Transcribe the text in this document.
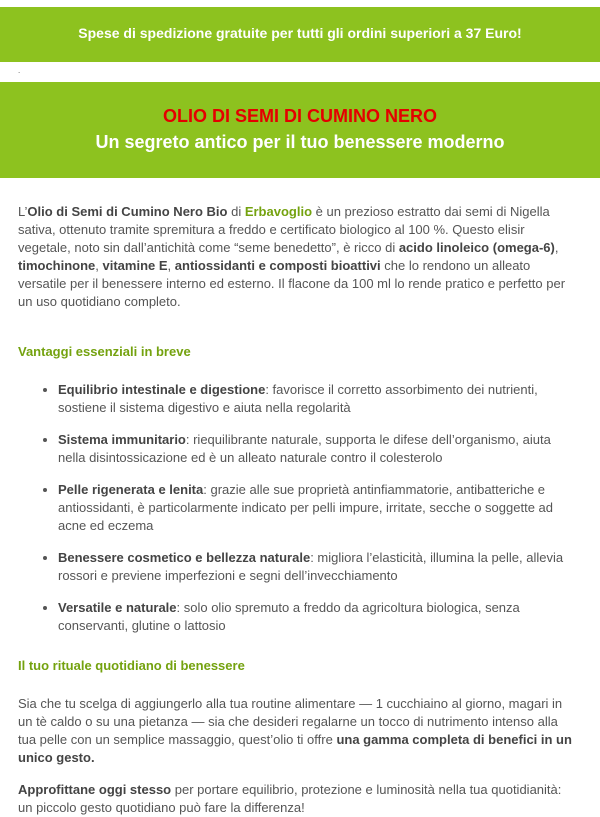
Spese di spedizione gratuite per tutti gli ordini superiori a 37 Euro!
.
OLIO DI SEMI DI CUMINO NERO
Un segreto antico per il tuo benessere moderno

L’Olio di Semi di Cumino Nero Bio di Erbavoglio è un prezioso estratto dai semi di Nigella sativa, ottenuto tramite spremitura a freddo e certificato biologico al 100 %. Questo elisir vegetale, noto sin dall’antichità come “seme benedetto”, è ricco di acido linoleico (omega-6), timochinone, vitamine E, antiossidanti e composti bioattivi che lo rendono un alleato versatile per il benessere interno ed esterno. Il flacone da 100 ml lo rende pratico e perfetto per un uso quotidiano completo.

Vantaggi essenziali in breve

• Equilibrio intestinale e digestione: favorisce il corretto assorbimento dei nutrienti, sostiene il sistema digestivo e aiuta nella regolarità
• Sistema immunitario: riequilibrante naturale, supporta le difese dell’organismo, aiuta nella disintossicazione ed è un alleato naturale contro il colesterolo
• Pelle rigenerata e lenita: grazie alle sue proprietà antinfiammatorie, antibatteriche e antiossidanti, è particolarmente indicato per pelli impure, irritate, secche o soggette ad acne ed eczema
• Benessere cosmetico e bellezza naturale: migliora l’elasticità, illumina la pelle, allevia rossori e previene imperfezioni e segni dell’invecchiamento
• Versatile e naturale: solo olio spremuto a freddo da agricoltura biologica, senza conservanti, glutine o lattosio

Il tuo rituale quotidiano di benessere

Sia che tu scelga di aggiungerlo alla tua routine alimentare — 1 cucchiaino al giorno, magari in un tè caldo o su una pietanza — sia che desideri regalarne un tocco di nutrimento intenso alla tua pelle con un semplice massaggio, quest’olio ti offre una gamma completa di benefici in un unico gesto.

Approfittane oggi stesso per portare equilibrio, protezione e luminosità nella tua quotidianità: un piccolo gesto quotidiano può fare la differenza!
